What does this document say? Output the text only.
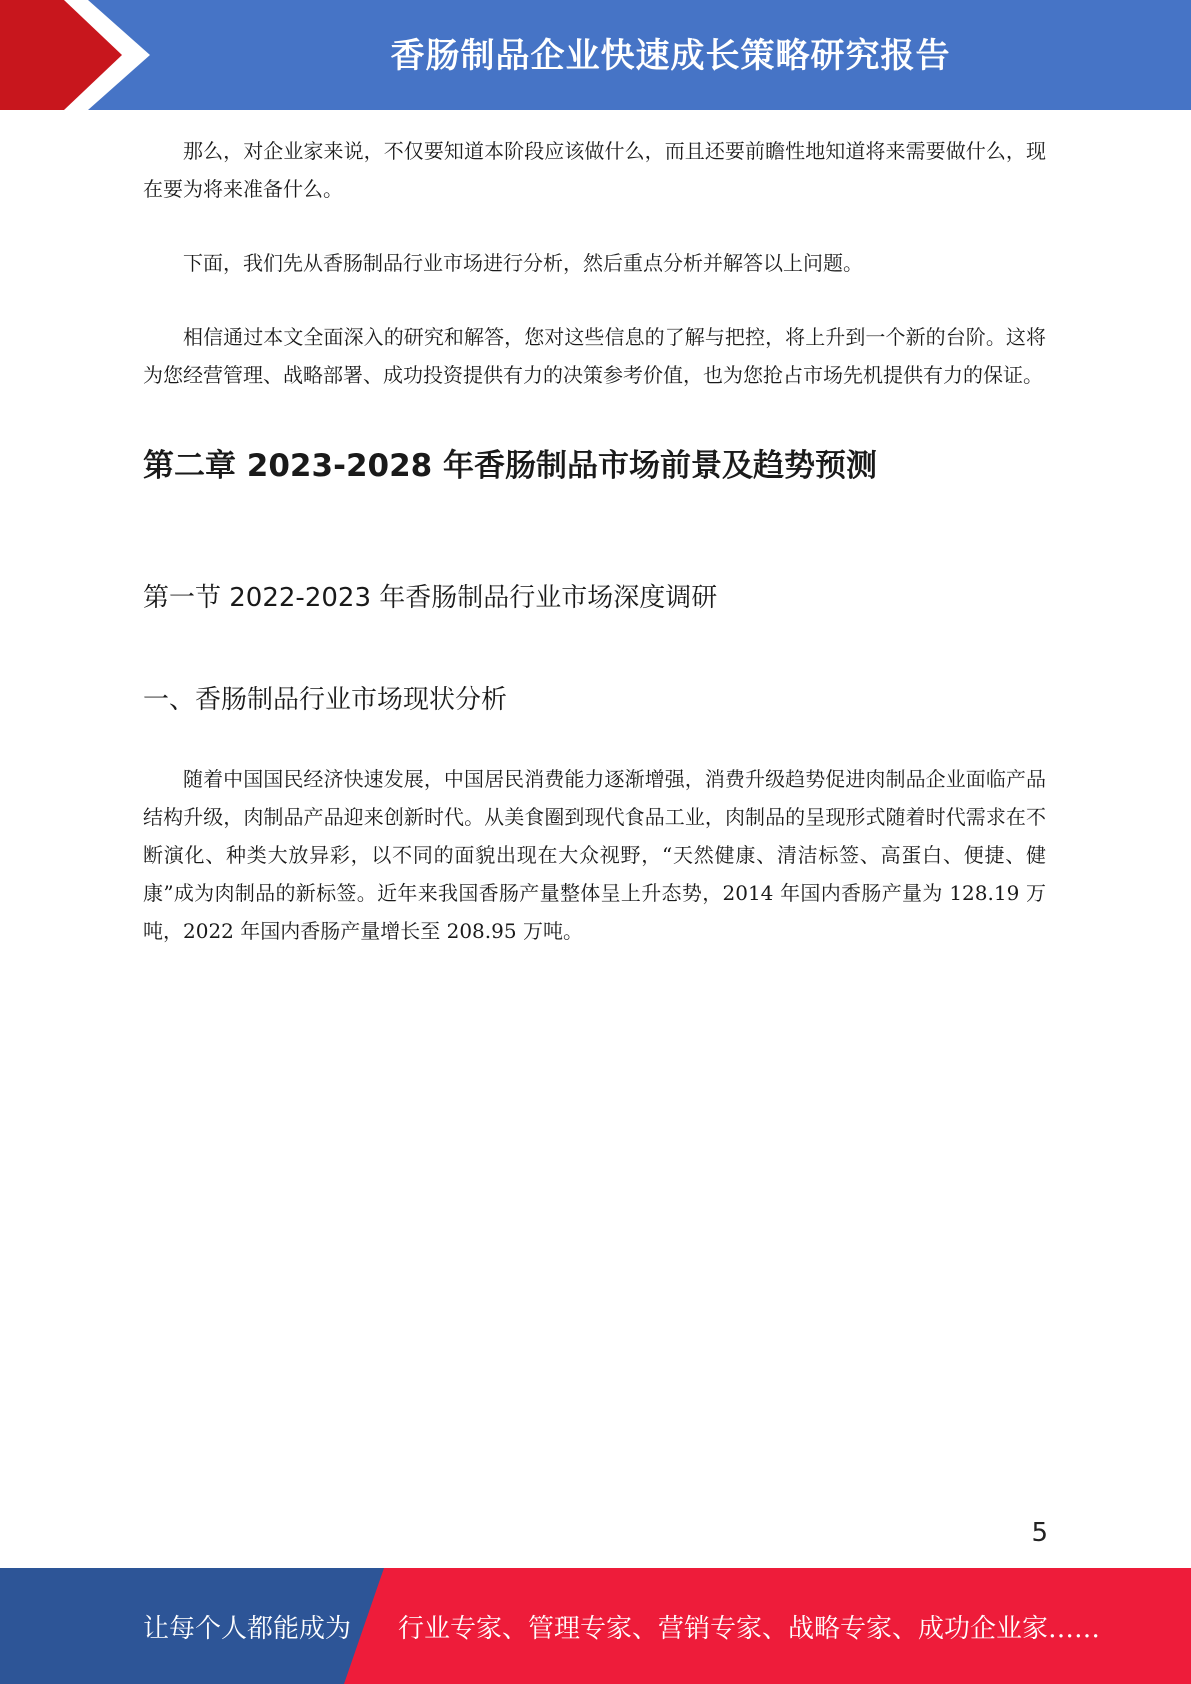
香肠制品企业快速成长策略研究报告

那么，对企业家来说，不仅要知道本阶段应该做什么，而且还要前瞻性地知道将来需要做什么，现在要为将来准备什么。

下面，我们先从香肠制品行业市场进行分析，然后重点分析并解答以上问题。

相信通过本文全面深入的研究和解答，您对这些信息的了解与把控，将上升到一个新的台阶。这将为您经营管理、战略部署、成功投资提供有力的决策参考价值，也为您抢占市场先机提供有力的保证。

第二章 2023-2028 年香肠制品市场前景及趋势预测
第一节 2022-2023 年香肠制品行业市场深度调研
一、香肠制品行业市场现状分析

随着中国国民经济快速发展，中国居民消费能力逐渐增强，消费升级趋势促进肉制品企业面临产品结构升级，肉制品产品迎来创新时代。从美食圈到现代食品工业，肉制品的呈现形式随着时代需求在不断演化、种类大放异彩，以不同的面貌出现在大众视野，“天然健康、清洁标签、高蛋白、便捷、健康”成为肉制品的新标签。近年来我国香肠产量整体呈上升态势，2014 年国内香肠产量为 128.19 万吨，2022 年国内香肠产量增长至 208.95 万吨。

5
让每个人都能成为 行业专家、管理专家、营销专家、战略专家、成功企业家……
